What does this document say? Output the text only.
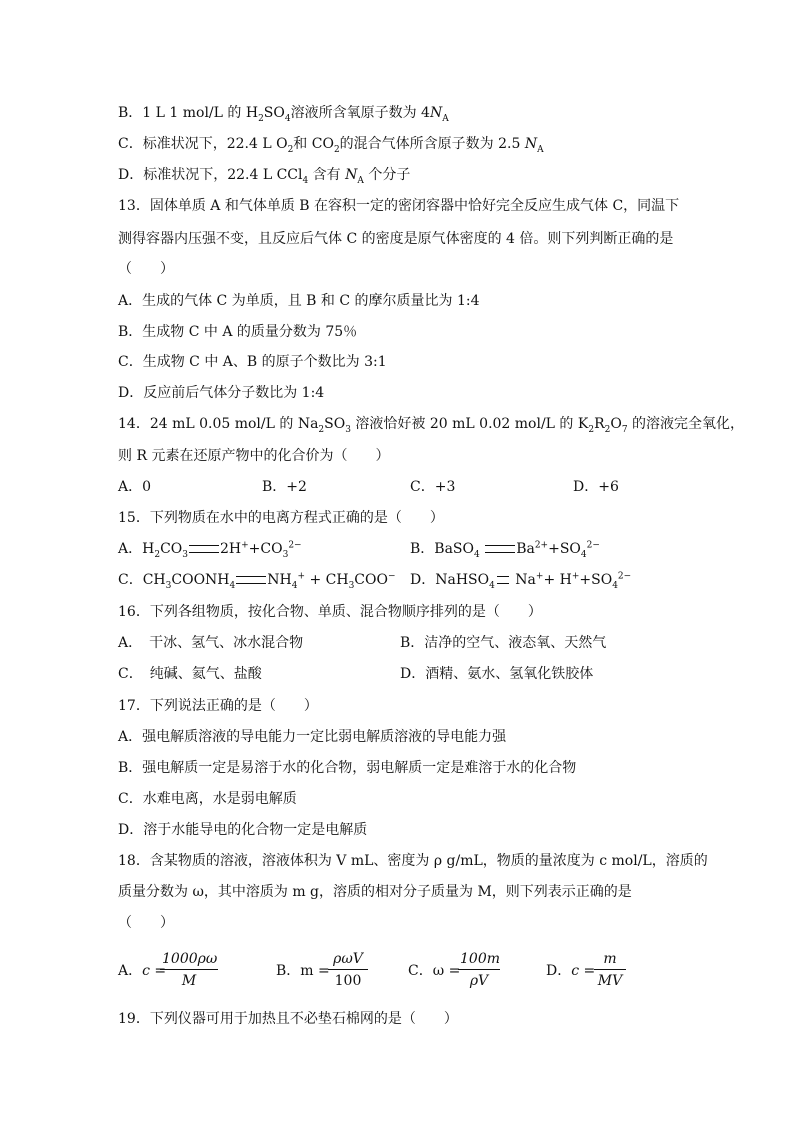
B．1 L 1 mol/L 的 $H_2SO_4$溶液所含氧原子数为 $4N_A$
C．标准状况下，22.4 L $O_2$和 $CO_2$的混合气体所含原子数为 2.5 $N_A$
D．标准状况下，22.4 L CCl$_4$ 含有 $N_A$ 个分子
13．固体单质 A 和气体单质 B 在容积一定的密闭容器中恰好完全反应生成气体 C，同温下
测得容器内压强不变，且反应后气体 C 的密度是原气体密度的 4 倍。则下列判断正确的是
（　　）
A．生成的气体 C 为单质，且 B 和 C 的摩尔质量比为 1:4
B．生成物 C 中 A 的质量分数为 75％
C．生成物 C 中 A、B 的原子个数比为 3:1
D．反应前后气体分子数比为 1:4
14．24 mL 0.05 mol/L 的 $Na_2SO_3$ 溶液恰好被 20 mL 0.02 mol/L 的 $K_2R_2O_7$ 的溶液完全氧化，
则 R 元素在还原产物中的化合价为（　　）
A．0	B．+2	C．+3	D．+6
15．下列物质在水中的电离方程式正确的是（　　）
A．$H_2CO_3$ $2H^++CO_3^{2-}$	B．BaSO$_4$	$Ba^{2+}+SO_4^{2-}$
C．$CH_3COONH_4$ $NH_4^+ + CH_3COO^-$ D．NaHSO$_4$ $Na^++ H^++SO_4^{2-}$
16．下列各组物质，按化合物、单质、混合物顺序排列的是（　　）
A．　干冰、氢气、冰水混合物	B．洁净的空气、液态氧、天然气
C．　纯碱、氦气、盐酸	D．酒精、氨水、氢氧化铁胶体
17．下列说法正确的是（　　）
A．强电解质溶液的导电能力一定比弱电解质溶液的导电能力强
B．强电解质一定是易溶于水的化合物，弱电解质一定是难溶于水的化合物
C．水难电离，水是弱电解质
D．溶于水能导电的化合物一定是电解质
18．含某物质的溶液，溶液体积为 V mL、密度为 ρ g/mL，物质的量浓度为 c mol/L，溶质的
质量分数为 ω，其中溶质为 m g，溶质的相对分子质量为 M，则下列表示正确的是
（　　）
A．c =
$\frac{1000\rho\omega}{M}$	B．m =
ρωV
100
C．ω =
$\frac{100m}{\rho V}$	D．c =
$\frac{m}{MV}$
19．下列仪器可用于加热且不必垫石棉网的是（　　）
